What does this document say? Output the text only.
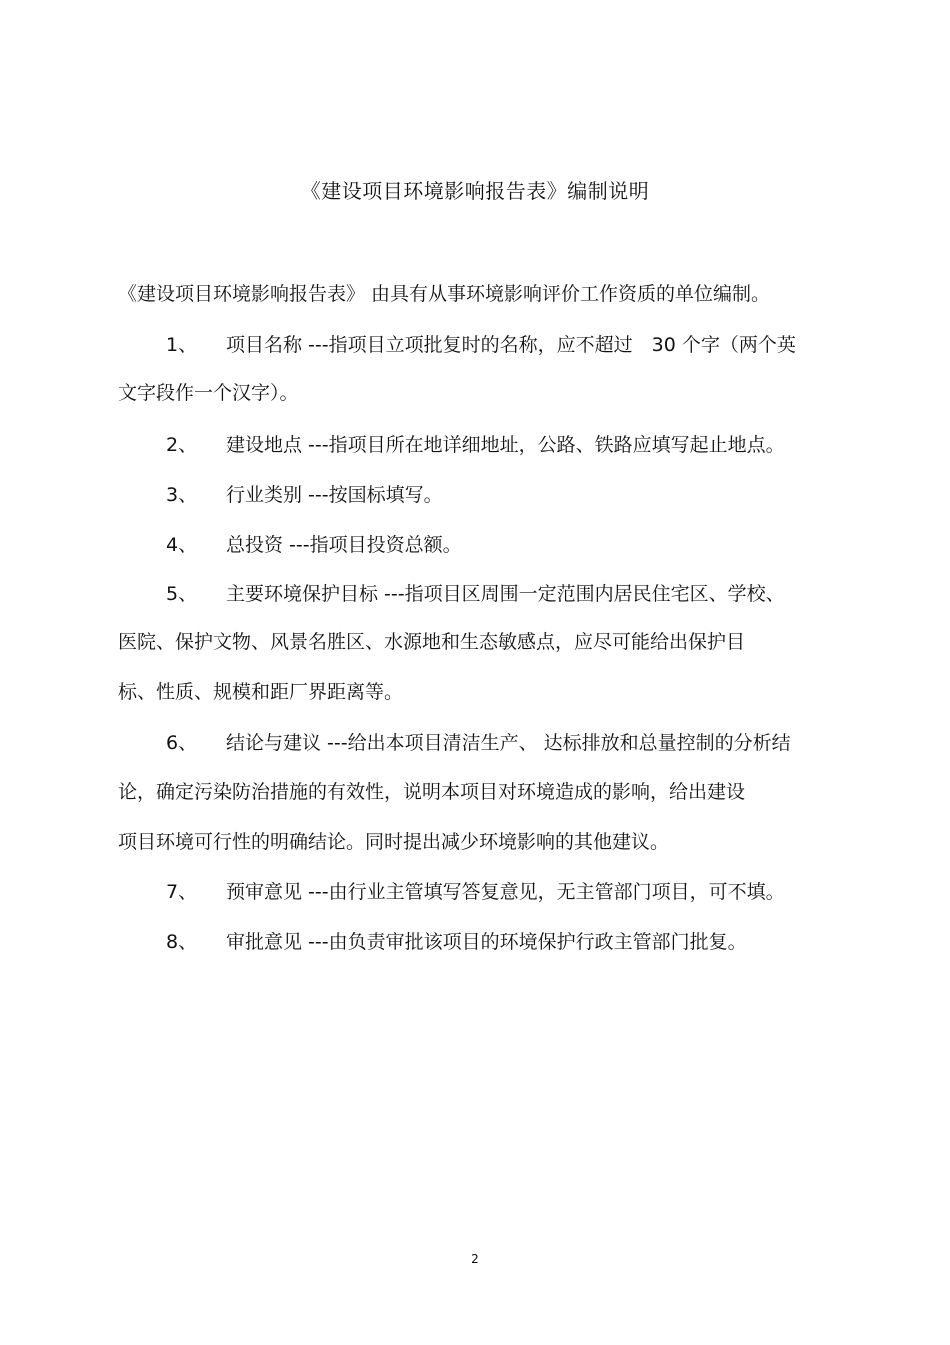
《建设项目环境影响报告表》编制说明
《建设项目环境影响报告表》 由具有从事环境影响评价工作资质的单位编制。
1、 项目名称 ---指项目立项批复时的名称，应不超过　30 个字（两个英
文字段作一个汉字）。
2、 建设地点 ---指项目所在地详细地址，公路、铁路应填写起止地点。
3、 行业类别 ---按国标填写。
4、 总投资 ---指项目投资总额。
5、 主要环境保护目标 ---指项目区周围一定范围内居民住宅区、学校、
医院、保护文物、风景名胜区、水源地和生态敏感点，应尽可能给出保护目
标、性质、规模和距厂界距离等。
6、 结论与建议 ---给出本项目清洁生产、 达标排放和总量控制的分析结
论，确定污染防治措施的有效性，说明本项目对环境造成的影响，给出建设
项目环境可行性的明确结论。同时提出减少环境影响的其他建议。
7、 预审意见 ---由行业主管填写答复意见，无主管部门项目，可不填。
8、 审批意见 ---由负责审批该项目的环境保护行政主管部门批复。
2
